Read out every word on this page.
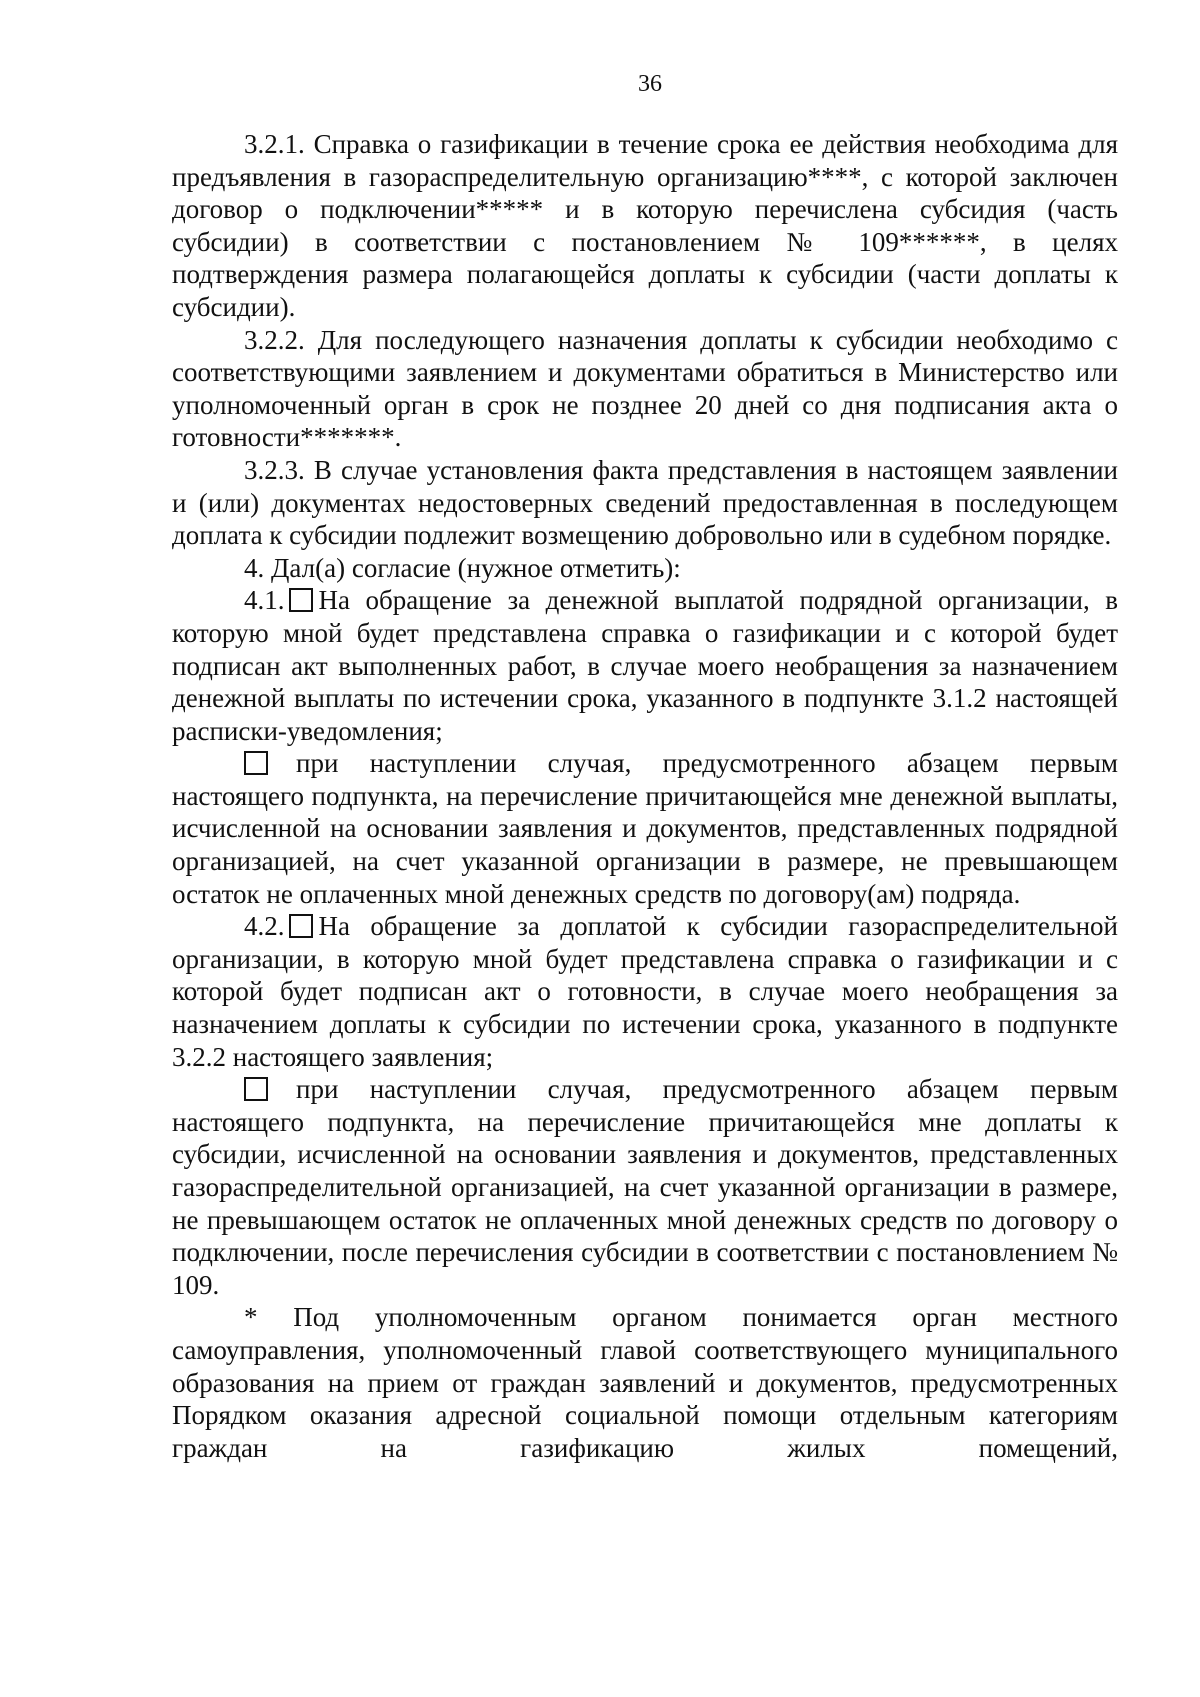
36

3.2.1. Справка о газификации в течение срока ее действия необходима для предъявления в газораспределительную организацию****, с которой заключен договор о подключении***** и в которую перечислена субсидия (часть субсидии) в соответствии с постановлением № 109******, в целях подтверждения размера полагающейся доплаты к субсидии (части доплаты к субсидии).

3.2.2. Для последующего назначения доплаты к субсидии необходимо с соответствующими заявлением и документами обратиться в Министерство или уполномоченный орган в срок не позднее 20 дней со дня подписания акта о готовности*******.

3.2.3. В случае установления факта представления в настоящем заявлении и (или) документах недостоверных сведений предоставленная в последующем доплата к субсидии подлежит возмещению добровольно или в судебном порядке.

4. Дал(а) согласие (нужное отметить):

4.1. На обращение за денежной выплатой подрядной организации, в которую мной будет представлена справка о газификации и с которой будет подписан акт выполненных работ, в случае моего необращения за назначением денежной выплаты по истечении срока, указанного в подпункте 3.1.2 настоящей расписки-уведомления;

при наступлении случая, предусмотренного абзацем первым настоящего подпункта, на перечисление причитающейся мне денежной выплаты, исчисленной на основании заявления и документов, представленных подрядной организацией, на счет указанной организации в размере, не превышающем остаток не оплаченных мной денежных средств по договору(ам) подряда.

4.2. На обращение за доплатой к субсидии газораспределительной организации, в которую мной будет представлена справка о газификации и с которой будет подписан акт о готовности, в случае моего необращения за назначением доплаты к субсидии по истечении срока, указанного в подпункте 3.2.2 настоящего заявления;

при наступлении случая, предусмотренного абзацем первым настоящего подпункта, на перечисление причитающейся мне доплаты к субсидии, исчисленной на основании заявления и документов, представленных газораспределительной организацией, на счет указанной организации в размере, не превышающем остаток не оплаченных мной денежных средств по договору о подключении, после перечисления субсидии в соответствии с постановлением № 109.

* Под уполномоченным органом понимается орган местного самоуправления, уполномоченный главой соответствующего муниципального образования на прием от граждан заявлений и документов, предусмотренных Порядком оказания адресной социальной помощи отдельным категориям граждан на газификацию жилых помещений,
